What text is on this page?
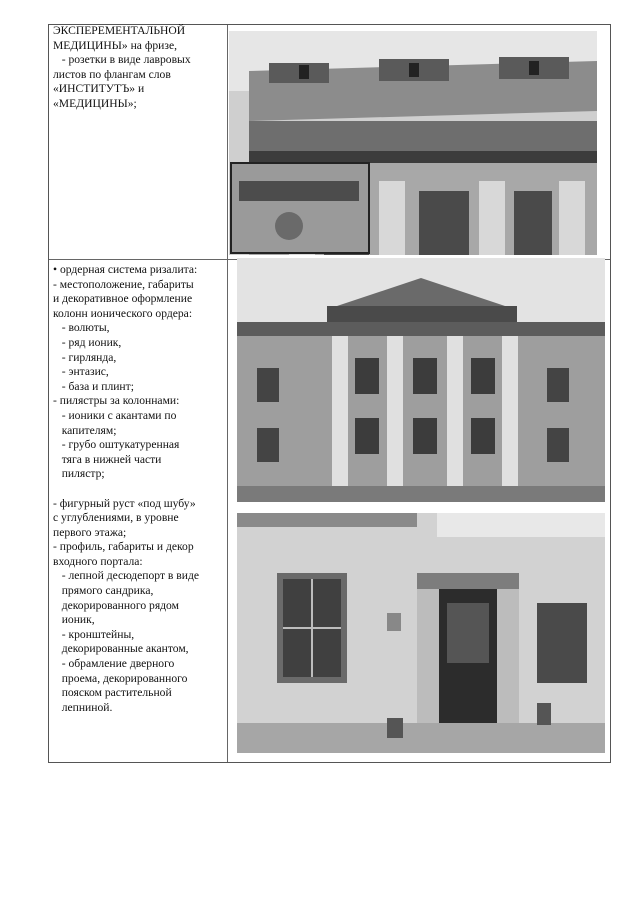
ЭКСПЕРЕМЕНТАЛЬНОЙ
МЕДИЦИНЫ» на фризе,
- розетки в виде лавровых
листов по флангам слов
«ИНСТИТУТЪ» и
«МЕДИЦИНЫ»;
• ордерная система ризалита:
- местоположение, габариты
и декоративное оформление
колонн ионического ордера:
- волюты,
- ряд ионик,
- гирлянда,
- энтазис,
- база и плинт;
- пилястры за колоннами:
- ионики с акантами по
капителям;
- грубо оштукатуренная
тяга в нижней части
пилястр;

- фигурный руст «под шубу»
с углублениями, в уровне
первого этажа;
- профиль, габариты и декор
входного портала:
- лепной десюдепорт в виде
прямого сандрика,
декорированного рядом
ионик,
- кронштейны,
декорированные акантом,
- обрамление дверного
проема, декорированного
пояском растительной
лепниной.
